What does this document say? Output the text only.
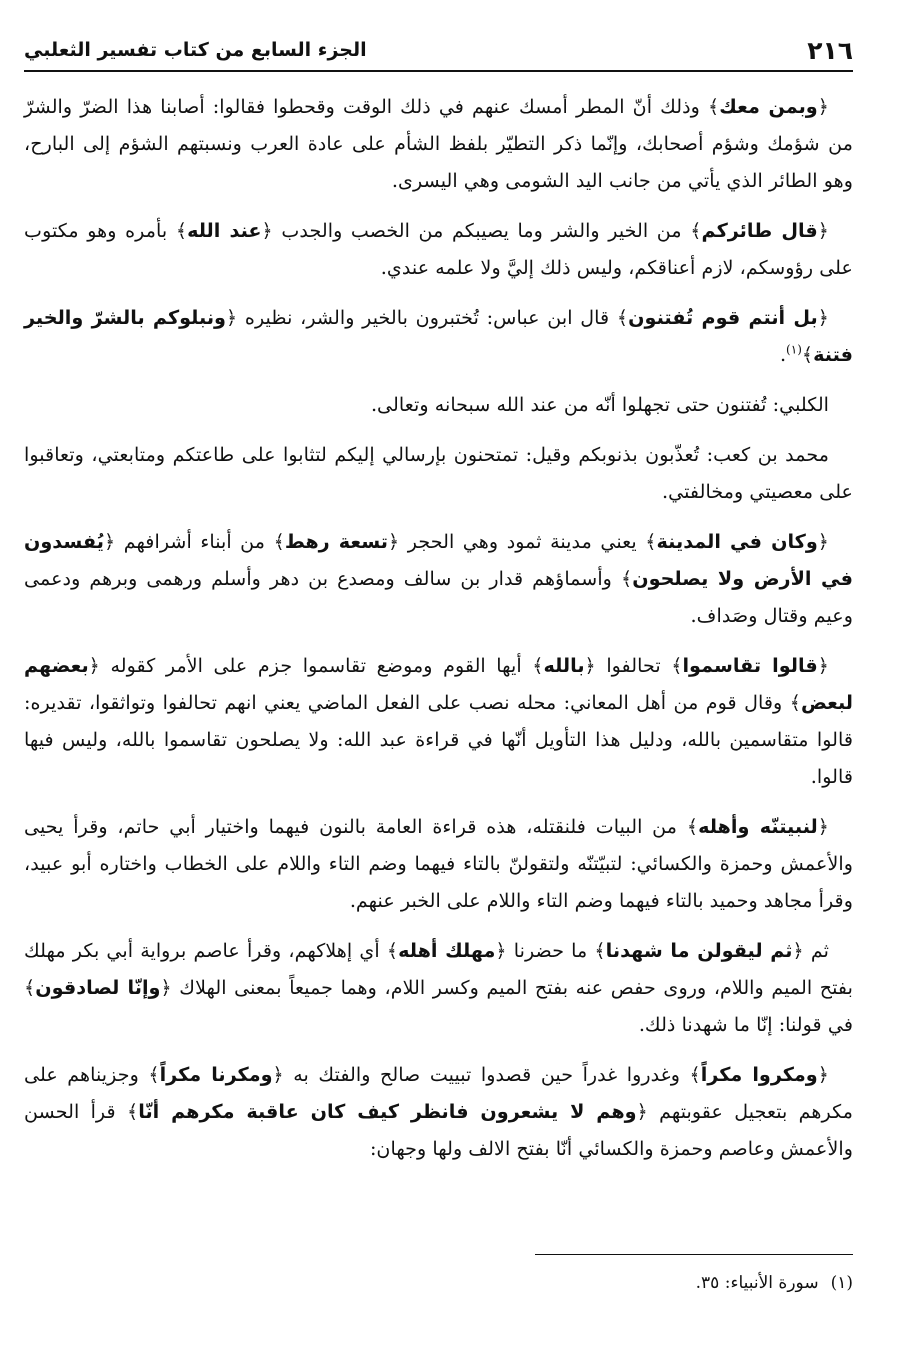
٢١٦
الجزء السابع من كتاب تفسير الثعلبي

﴿ وبمن معك ﴾ وذلك أنّ المطر أمسك عنهم في ذلك الوقت وقحطوا فقالوا: أصابنا هذا الضرّ والشرّ من شؤمك وشؤم أصحابك، وإنّما ذكر التطيّر بلفظ الشأم على عادة العرب ونسبتهم الشؤم إلى البارح، وهو الطائر الذي يأتي من جانب اليد الشومى وهي اليسرى.

﴿ قال طائركم ﴾ من الخير والشر وما يصيبكم من الخصب والجدب ﴿ عند الله ﴾ بأمره وهو مكتوب على رؤوسكم، لازم أعناقكم، وليس ذلك إليَّ ولا علمه عندي.

﴿ بل أنتم قوم تُفتنون ﴾ قال ابن عباس: تُختبرون بالخير والشر، نظيره ﴿ ونبلوكم بالشرّ والخير فتنة ﴾$^{(١)}$.

الكلبي: تُفتنون حتى تجهلوا أنّه من عند الله سبحانه وتعالى.

محمد بن كعب: تُعذّبون بذنوبكم وقيل: تمتحنون بإرسالي إليكم لتثابوا على طاعتكم ومتابعتي، وتعاقبوا على معصيتي ومخالفتي.

﴿ وكان في المدينة ﴾ يعني مدينة ثمود وهي الحجر ﴿ تسعة رهط ﴾ من أبناء أشرافهم ﴿ يُفسدون في الأرض ولا يصلحون ﴾ وأسماؤهم قدار بن سالف ومصدع بن دهر وأسلم ورهمى وبرهم ودعمى وعيم وقتال وصَداف.

﴿ قالوا تقاسموا ﴾ تحالفوا ﴿ بالله ﴾ أيها القوم وموضع تقاسموا جزم على الأمر كقوله ﴿ بعضهم لبعض ﴾ وقال قوم من أهل المعاني: محله نصب على الفعل الماضي يعني انهم تحالفوا وتواثقوا، تقديره: قالوا متقاسمين بالله، ودليل هذا التأويل أنّها في قراءة عبد الله: ولا يصلحون تقاسموا بالله، وليس فيها قالوا.

﴿ لنبيتنّه وأهله ﴾ من البيات فلنقتله، هذه قراءة العامة بالنون فيهما واختيار أبي حاتم، وقرأ يحيى والأعمش وحمزة والكسائي: لتبيّتنّه ولتقولنّ بالتاء فيهما وضم التاء واللام على الخطاب واختاره أبو عبيد، وقرأ مجاهد وحميد بالتاء فيهما وضم التاء واللام على الخبر عنهم.

ثم ﴿ ثم ليقولن ما شهدنا ﴾ ما حضرنا ﴿ مهلك أهله ﴾ أي إهلاكهم، وقرأ عاصم برواية أبي بكر مهلك بفتح الميم واللام، وروى حفص عنه بفتح الميم وكسر اللام، وهما جميعاً بمعنى الهلاك ﴿ وإنّا لصادقون ﴾ في قولنا: إنّا ما شهدنا ذلك.

﴿ ومكروا مكراً ﴾ وغدروا غدراً حين قصدوا تبييت صالح والفتك به ﴿ ومكرنا مكراً ﴾ وجزيناهم على مكرهم بتعجيل عقوبتهم ﴿ وهم لا يشعرون فانظر كيف كان عاقبة مكرهم أنّا ﴾ قرأ الحسن والأعمش وعاصم وحمزة والكسائي أنّا بفتح الالف ولها وجهان:

(١)سورة الأنبياء: ٣٥.
